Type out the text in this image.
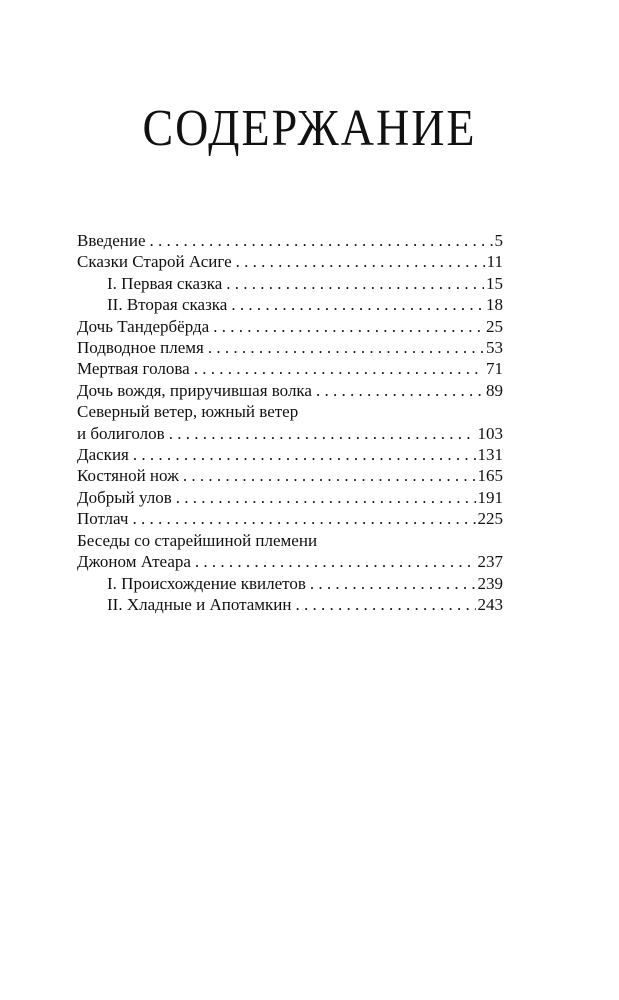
СОДЕРЖАНИЕ
Введение . . .	5
Сказки Старой Асиге . . .	11
I. Первая сказка . . .	15
II. Вторая сказка . . .	18
Дочь Тандербёрда . . .	25
Подводное племя . . .	53
Мертвая голова . . .	71
Дочь вождя, приручившая волка . . .	89
Северный ветер, южный ветер
и болиголов . . .	103
Даския . . .	131
Костяной нож . . .	165
Добрый улов . . .	191
Потлач . . .	225
Беседы со старейшиной племени
Джоном Атеара . . .	237
I. Происхождение квилетов . . .	239
II. Хладные и Апотамкин . . .	243
